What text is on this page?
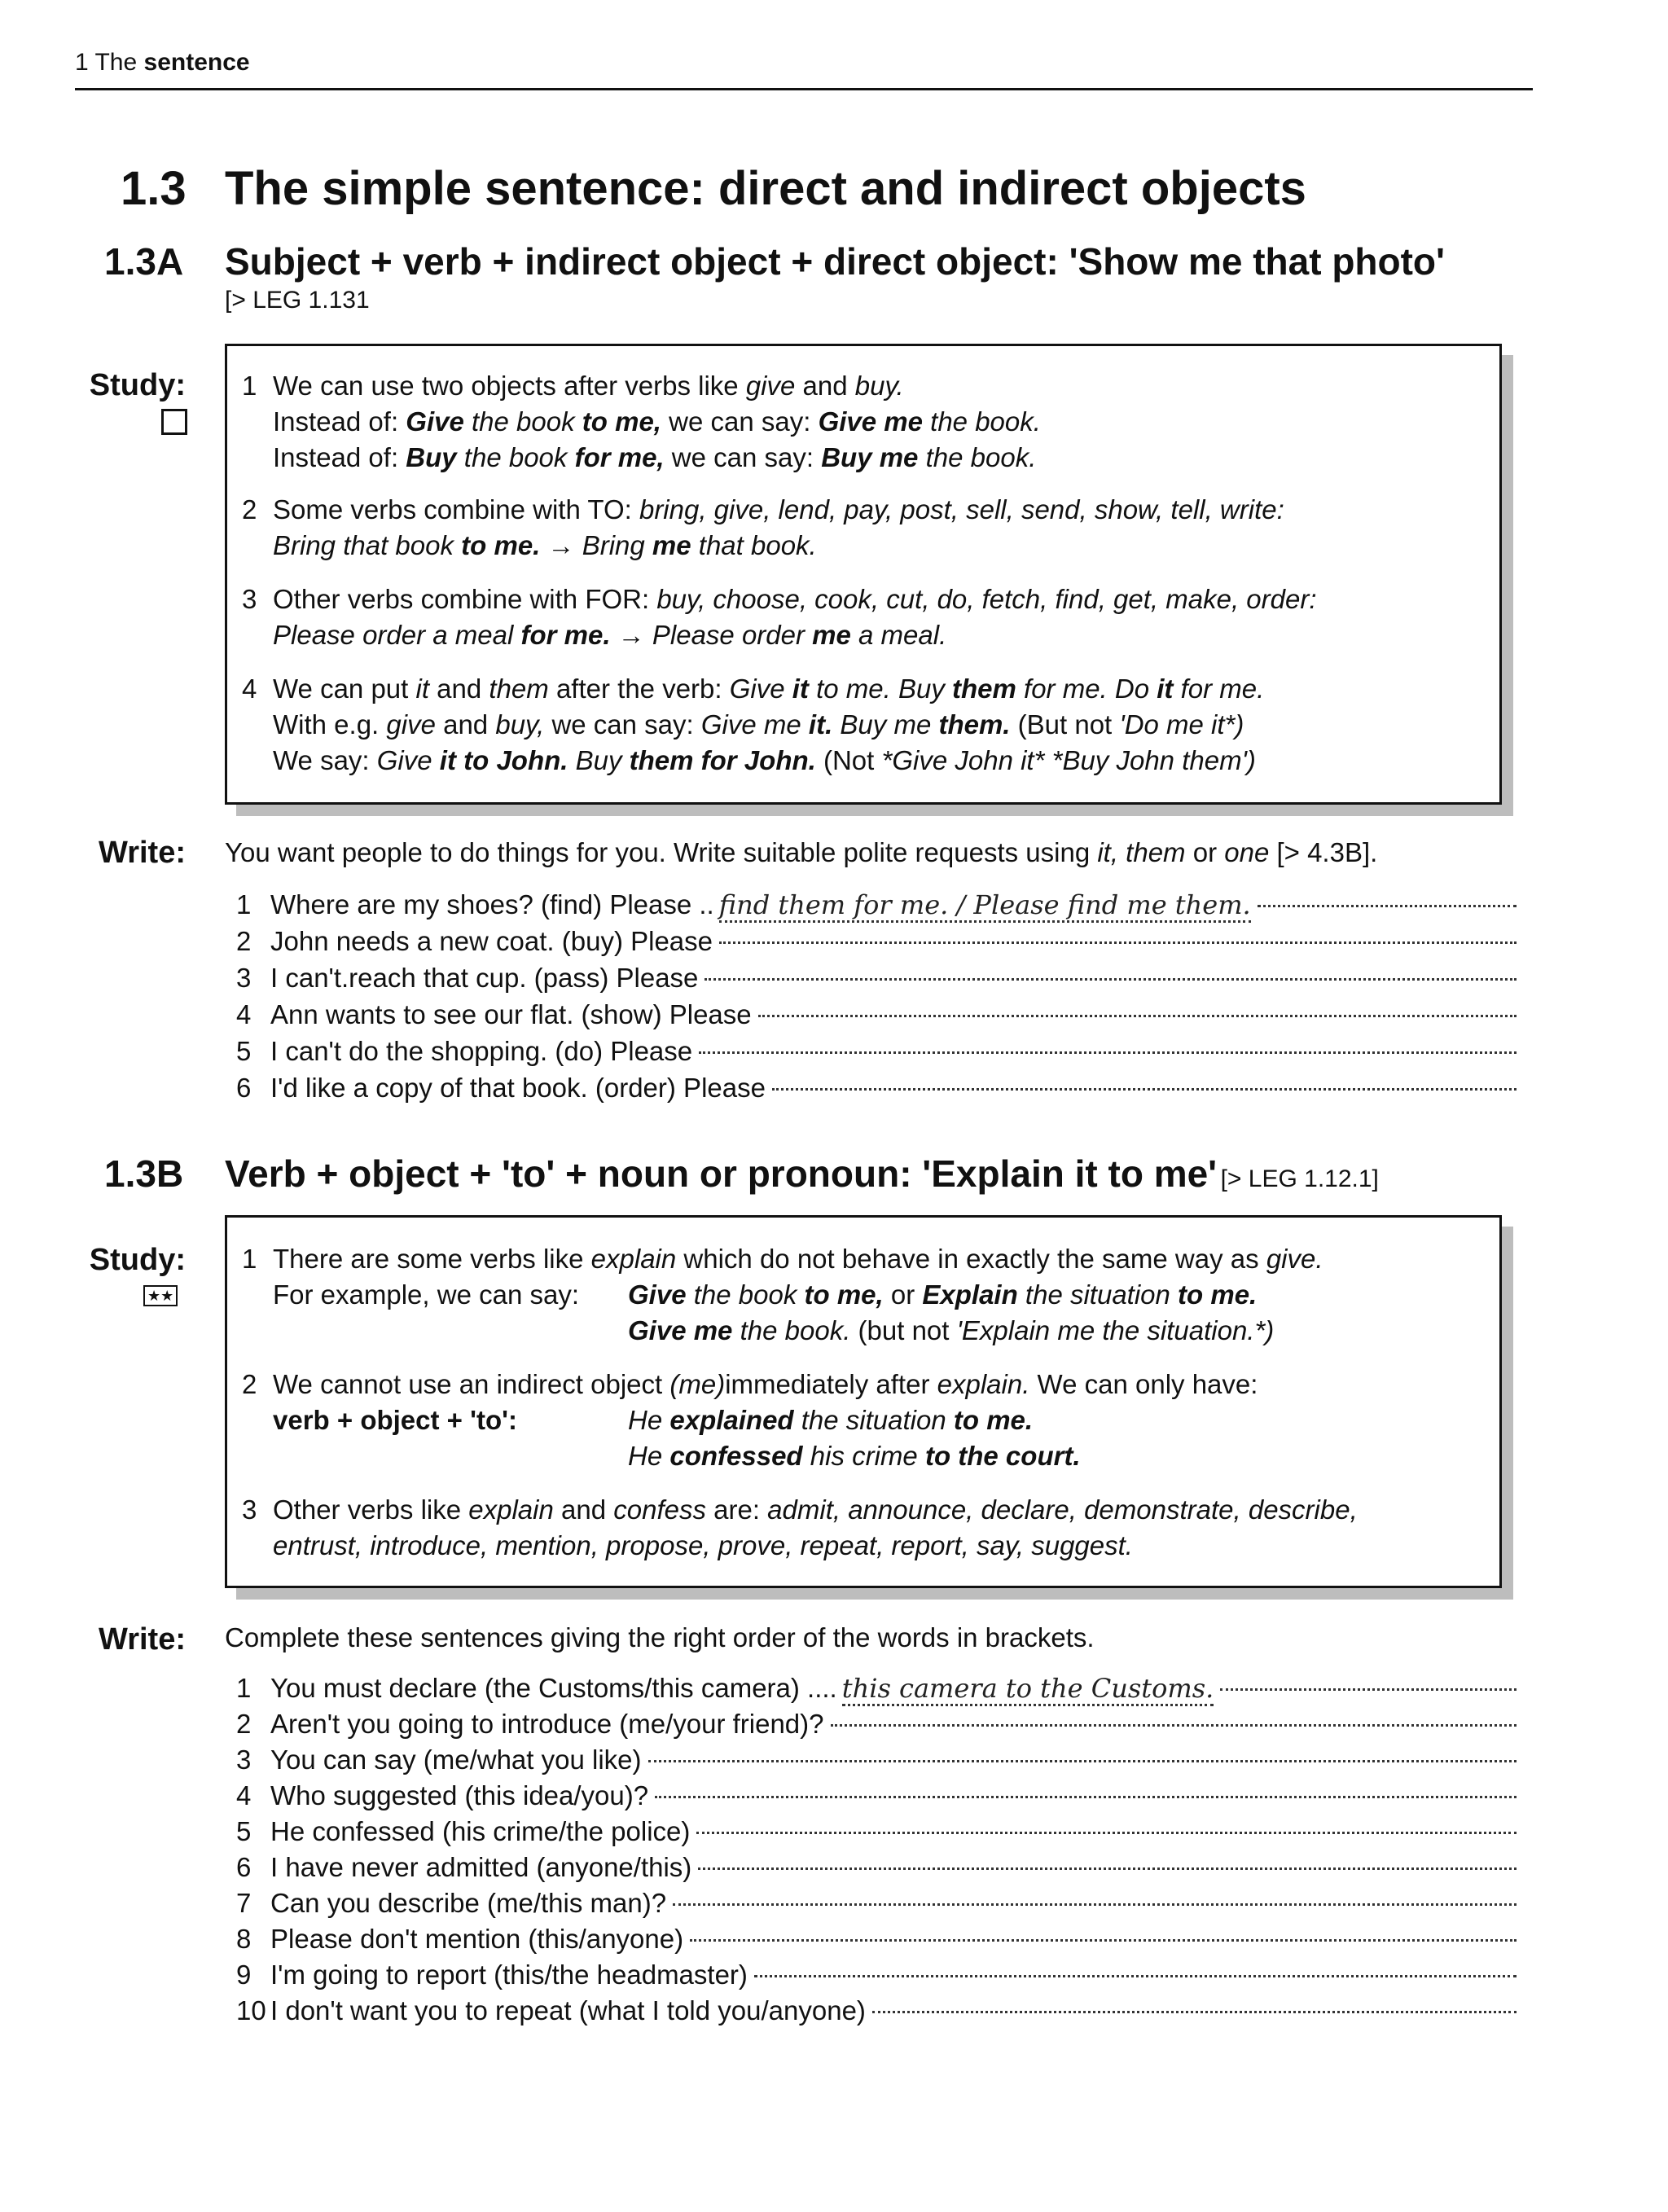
1 The sentence
1.3 The simple sentence: direct and indirect objects
1.3A Subject + verb + indirect object + direct object: 'Show me that photo'
[> LEG 1.131
Study: 1 We can use two objects after verbs like give and buy.
Instead of: Give the book to me, we can say: Give me the book.
Instead of: Buy the book for me, we can say: Buy me the book.
2 Some verbs combine with TO: bring, give, lend, pay, post, sell, send, show, tell, write:
Bring that book to me. → Bring me that book.
3 Other verbs combine with FOR: buy, choose, cook, cut, do, fetch, find, get, make, order:
Please order a meal for me. → Please order me a meal.
4 We can put it and them after the verb: Give it to me. Buy them for me. Do it for me.
With e.g. give and buy, we can say: Give me it. Buy me them. (But not 'Do me it*)
We say: Give it to John. Buy them for John. (Not *Give John it* *Buy John them')
Write: You want people to do things for you. Write suitable polite requests using it, them or one [> 4.3B].
1 Where are my shoes? (find) Please .. find them for me. / Please find me them.
2 John needs a new coat. (buy) Please
3 I can't.reach that cup. (pass) Please
4 Ann wants to see our flat. (show) Please
5 I can't do the shopping. (do) Please
6 I'd like a copy of that book. (order) Please
1.3B Verb + object + 'to' + noun or pronoun: 'Explain it to me' [> LEG 1.12.1]
Study:
★★
1 There are some verbs like explain which do not behave in exactly the same way as give.
For example, we can say: Give the book to me, or Explain the situation to me.
Give me the book. (but not 'Explain me the situation.*)
2 We cannot use an indirect object (me)immediately after explain. We can only have:
verb + object + 'to':	He explained the situation to me.
He confessed his crime to the court.
3 Other verbs like explain and confess are: admit, announce, declare, demonstrate, describe,
entrust, introduce, mention, propose, prove, repeat, report, say, suggest.
Write: Complete these sentences giving the right order of the words in brackets.
1 You must declare (the Customs/this camera) .... this camera to the Customs.
2 Aren't you going to introduce (me/your friend)?
3 You can say (me/what you like)
4 Who suggested (this idea/you)?
5 He confessed (his crime/the police)
6 I have never admitted (anyone/this)
7 Can you describe (me/this man)?
8 Please don't mention (this/anyone)
9 I'm going to report (this/the headmaster)
10 I don't want you to repeat (what I told you/anyone)
